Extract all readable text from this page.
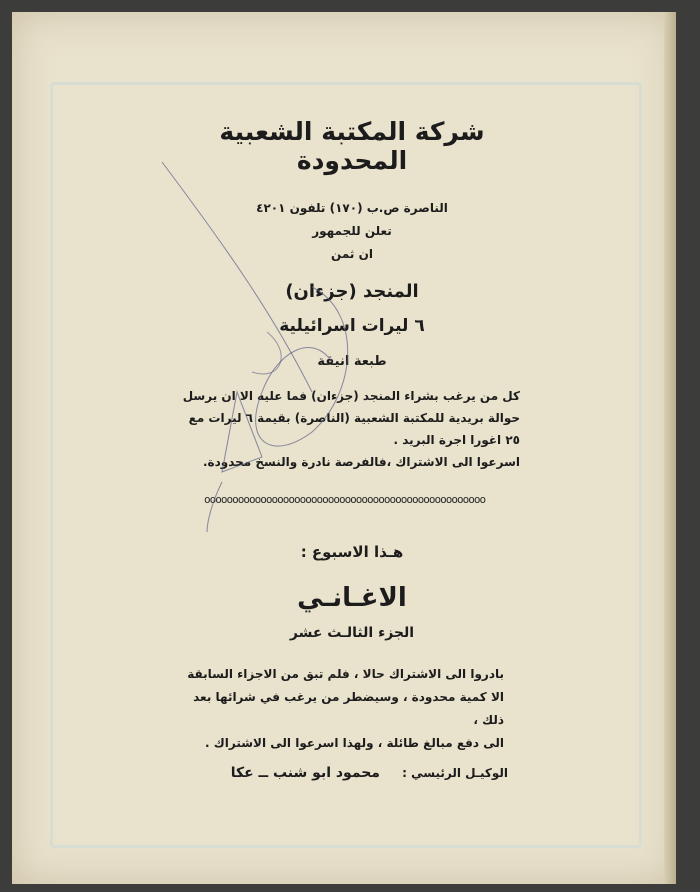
شركة المكتبة الشعبية المحدودة
الناصرة ص.ب (١٧٠) تلفون ٤٢٠١
تعلن للجمهور
ان ثمن
المنجد (جزءان)
٦ ليرات اسرائيلية
طبعة انيقة
كل من يرغب بشراء المنجد (جزءان) فما عليه الا ان يرسل
حوالة بريدية للمكتبة الشعبية (الناصرة) بقيمة ٦ ليرات مع
٢٥ اغورا اجرة البريد .
اسرعوا الى الاشتراك ،فالفرصة نادرة والنسخ محدودة.
oooooooooooooooooooooooooooooooooooooooooooooooooo
هـذا الاسبوع :
الاغـانـي
الجزء الثالـث عشر
بادروا الى الاشتراك حالا ، فلم تبق من الاجزاء السابقة
الا كمية محدودة ، وسيضطر من يرغب في شرائها بعد ذلك ،
الى دفع مبالغ طائلة ، ولهذا اسرعوا الى الاشتراك .
الوكيـل الرئيسي : محمود ابو شنب ــ عكا
